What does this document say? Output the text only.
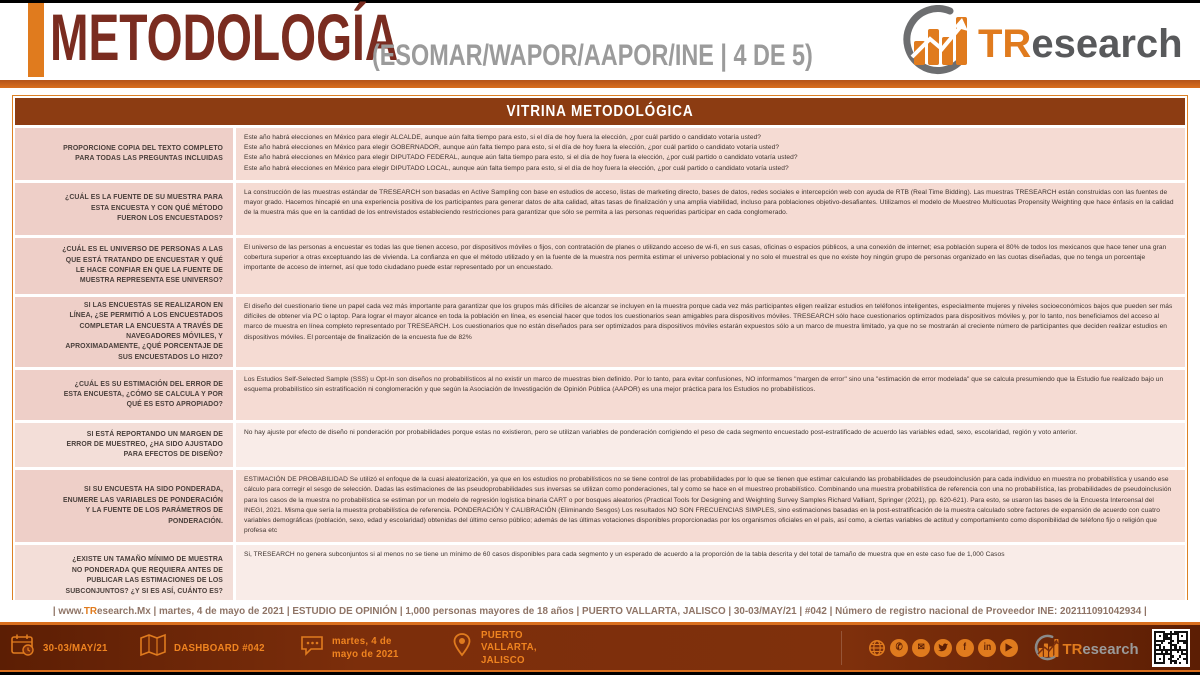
METODOLOGÍA
(ESOMAR/WAPOR/AAPOR/INE | 4 DE 5)	TResearch
VITRINA METODOLÓGICA
PROPORCIONE COPIA DEL TEXTO COMPLETO PARA TODAS LAS PREGUNTAS INCLUIDAS
Este año habrá elecciones en México para elegir ALCALDE, aunque aún falta tiempo para esto, si el día de hoy fuera la elección, ¿por cuál partido o candidato votaría usted?
Este año habrá elecciones en México para elegir GOBERNADOR, aunque aún falta tiempo para esto, si el día de hoy fuera la elección, ¿por cuál partido o candidato votaría usted?
Este año habrá elecciones en México para elegir DIPUTADO FEDERAL, aunque aún falta tiempo para esto, si el día de hoy fuera la elección, ¿por cuál partido o candidato votaría usted?
Este año habrá elecciones en México para elegir DIPUTADO LOCAL, aunque aún falta tiempo para esto, si el día de hoy fuera la elección, ¿por cuál partido o candidato votaría usted?
¿CUÁL ES LA FUENTE DE SU MUESTRA PARA ESTA ENCUESTA Y CON QUÉ MÉTODO FUERON LOS ENCUESTADOS?
La construcción de las muestras estándar de TRESEARCH son basadas en Active Sampling con base en estudios de acceso, listas de marketing directo, bases de datos, redes sociales e intercepción web con ayuda de RTB (Real Time Bidding). Las muestras TRESEARCH están construidas con las fuentes de mayor grado. Hacemos hincapié en una experiencia positiva de los participantes para generar datos de alta calidad, altas tasas de finalización y una amplia viabilidad, incluso para poblaciones objetivo-desafiantes. Utilizamos el modelo de Muestreo Multicuotas Propensity Weighting que hace énfasis en la calidad de la muestra más que en la cantidad de los entrevistados estableciendo restricciones para garantizar que sólo se permita a las personas requeridas participar en cada conglomerado.
¿CUÁL ES EL UNIVERSO DE PERSONAS A LAS QUE ESTÁ TRATANDO DE ENCUESTAR Y QUÉ LE HACE CONFIAR EN QUE LA FUENTE DE MUESTRA REPRESENTA ESE UNIVERSO?
El universo de las personas a encuestar es todas las que tienen acceso, por dispositivos móviles o fijos, con contratación de planes o utilizando acceso de wi-fi, en sus casas, oficinas o espacios públicos, a una conexión de internet; esa población supera el 80% de todos los mexicanos que hace tener una gran cobertura superior a otras exceptuando las de vivienda. La confianza en que el método utilizado y en la fuente de la muestra nos permita estimar el universo poblacional y no solo el muestral es que no existe hoy ningún grupo de personas organizado en las cuotas diseñadas, que no tenga un porcentaje importante de acceso de internet, así que todo ciudadano puede estar representado por un encuestado.
SI LAS ENCUESTAS SE REALIZARON EN LÍNEA, ¿SE PERMITIÓ A LOS ENCUESTADOS COMPLETAR LA ENCUESTA A TRAVÉS DE NAVEGADORES MÓVILES, Y APROXIMADAMENTE, ¿QUÉ PORCENTAJE DE SUS ENCUESTADOS LO HIZO?
El diseño del cuestionario tiene un papel cada vez más importante para garantizar que los grupos más difíciles de alcanzar se incluyen en la muestra porque cada vez más participantes eligen realizar estudios en teléfonos inteligentes, especialmente mujeres y niveles socioeconómicos bajos que pueden ser más difíciles de obtener vía PC o laptop. Para lograr el mayor alcance en toda la población en línea, es esencial hacer que todos los cuestionarios sean amigables para dispositivos móviles. TRESEARCH sólo hace cuestionarios optimizados para dispositivos móviles y, por lo tanto, nos beneficiamos del acceso al marco de muestra en línea completo representado por TRESEARCH. Los cuestionarios que no están diseñados para ser optimizados para dispositivos móviles estarán expuestos sólo a un marco de muestra limitado, ya que no se mostrarán al creciente número de participantes que deciden realizar estudios en dispositivos móviles. El porcentaje de finalización de la encuesta fue de 82%
¿CUÁL ES SU ESTIMACIÓN DEL ERROR DE ESTA ENCUESTA, ¿CÓMO SE CALCULA Y POR QUÉ ES ESTO APROPIADO?
Los Estudios Self-Selected Sample (SSS) u Opt-In son diseños no probabilísticos al no existir un marco de muestras bien definido. Por lo tanto, para evitar confusiones, NO informamos "margen de error" sino una "estimación de error modelada" que se calcula presumiendo que la Estudio fue realizado bajo un esquema probabilístico sin estratificación ni conglomeración y que según la Asociación de Investigación de Opinión Pública (AAPOR) es una mejor práctica para los Estudios no probabilísticos.
SI ESTÁ REPORTANDO UN MARGEN DE ERROR DE MUESTREO, ¿HA SIDO AJUSTADO PARA EFECTOS DE DISEÑO?
No hay ajuste por efecto de diseño ni ponderación por probabilidades porque estas no existieron, pero se utilizan variables de ponderación corrigiendo el peso de cada segmento encuestado post-estratificado de acuerdo las variables edad, sexo, escolaridad, región y voto anterior.
SI SU ENCUESTA HA SIDO PONDERADA, ENUMERE LAS VARIABLES DE PONDERACIÓN Y LA FUENTE DE LOS PARÁMETROS DE PONDERACIÓN.
ESTIMACIÓN DE PROBABILIDAD Se utilizó el enfoque de la cuasi aleatorización, ya que en los estudios no probabilísticos no se tiene control de las probabilidades por lo que se tienen que estimar calculando las probabilidades de pseudoinclusión para cada individuo en muestra no probabilística y usando ese cálculo para corregir el sesgo de selección. Dadas las estimaciones de las pseudoprobabilidades sus inversas se utilizan como ponderaciones, tal y como se hace en el muestreo probabilístico. Combinando una muestra probabilística de referencia con una no probabilística, las probabilidades de pseudoinclusión para los casos de la muestra no probabilística se estiman por un modelo de regresión logística binaria CART o por bosques aleatorios (Practical Tools for Designing and Weighting Survey Samples Richard Valliant, Springer (2021), pp. 620-621). Para esto, se usaron las bases de la Encuesta Intercensal del INEGI, 2021. Misma que sería la muestra probabilística de referencia. PONDERACIÓN Y CALIBRACIÓN (Eliminando Sesgos) Los resultados NO SON FRECUENCIAS SIMPLES, sino estimaciones basadas en la post-estratificación de la muestra calculado sobre factores de expansión de acuerdo con cuatro variables demográficas (población, sexo, edad y escolaridad) obtenidas del último censo público; además de las últimas votaciones disponibles proporcionadas por los organismos oficiales en el país, así como, a ciertas variables de actitud y comportamiento como disponibilidad de teléfono fijo o religión que profesa etc
¿EXISTE UN TAMAÑO MÍNIMO DE MUESTRA NO PONDERADA QUE REQUIERA ANTES DE PUBLICAR LAS ESTIMACIONES DE LOS SUBCONJUNTOS? ¿Y SI ES ASÍ, CUÁNTO ES?
Si, TRESEARCH no genera subconjuntos si al menos no se tiene un mínimo de 60 casos disponibles para cada segmento y un esperado de acuerdo a la proporción de la tabla descrita y del total de tamaño de muestra que en este caso fue de 1,000 Casos
| www.TResearch.Mx | martes, 4 de mayo de 2021 | ESTUDIO DE OPINIÓN | 1,000 personas mayores de 18 años | PUERTO VALLARTA, JALISCO | 30-03/MAY/21 | #042 | Número de registro nacional de Proveedor INE: 202111091042934 |
30-03/MAY/21	DASHBOARD #042
martes, 4 de mayo de 2021
PUERTO VALLARTA, JALISCO
✆ ✉	f in ▶ TResearch
